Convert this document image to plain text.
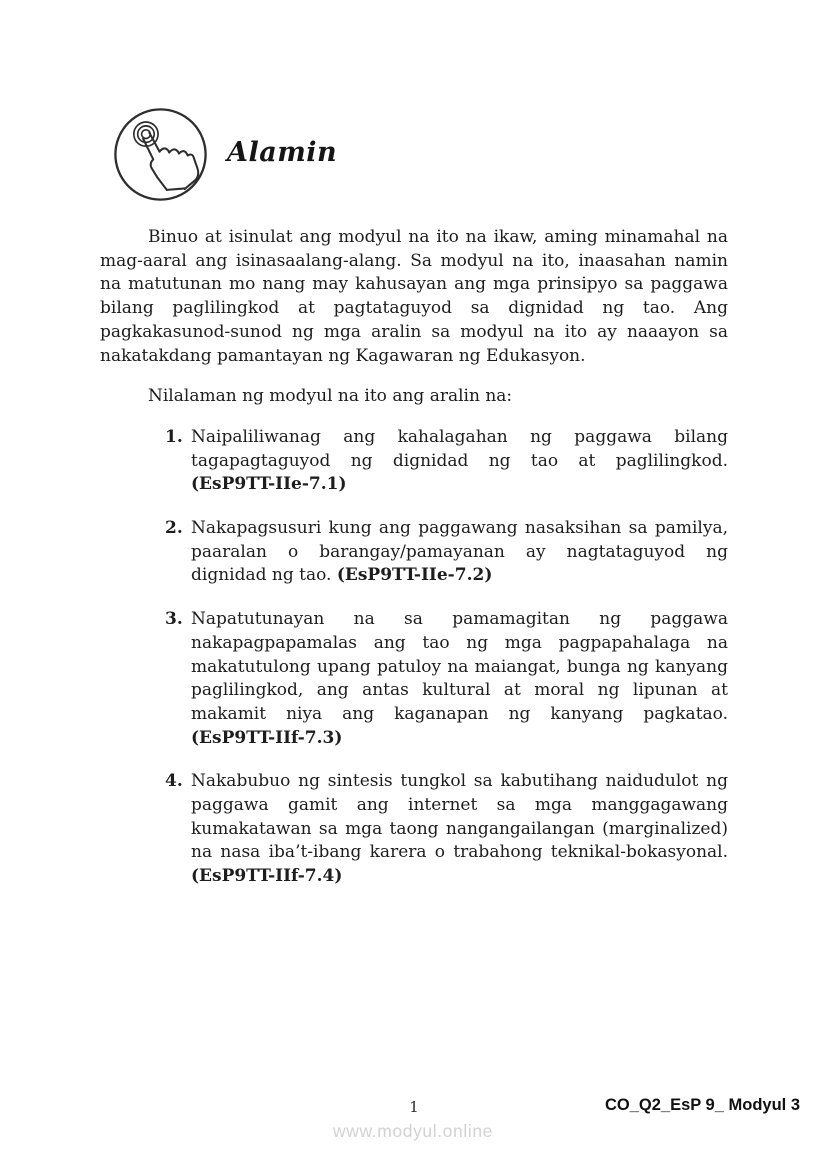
Alamin

Binuo at isinulat ang modyul na ito na ikaw, aming minamahal na mag-aaral ang isinasaalang-alang. Sa modyul na ito, inaasahan namin na matutunan mo nang may kahusayan ang mga prinsipyo sa paggawa bilang paglilingkod at pagtataguyod sa dignidad ng tao. Ang pagkakasunod-sunod ng mga aralin sa modyul na ito ay naaayon sa nakatakdang pamantayan ng Kagawaran ng Edukasyon.

Nilalaman ng modyul na ito ang aralin na:

1. Naipaliliwanag ang kahalagahan ng paggawa bilang tagapagtaguyod ng dignidad ng tao at paglilingkod. (EsP9TT-IIe-7.1)
2. Nakapagsusuri kung ang paggawang nasaksihan sa pamilya, paaralan o barangay/pamayanan ay nagtataguyod ng dignidad ng tao. (EsP9TT-IIe-7.2)
3. Napatutunayan na sa pamamagitan ng paggawa nakapagpapamalas ang tao ng mga pagpapahalaga na makatutulong upang patuloy na maiangat, bunga ng kanyang paglilingkod, ang antas kultural at moral ng lipunan at makamit niya ang kaganapan ng kanyang pagkatao. (EsP9TT-IIf-7.3)
4. Nakabubuo ng sintesis tungkol sa kabutihang naidudulot ng paggawa gamit ang internet sa mga manggagawang kumakatawan sa mga taong nangangailangan (marginalized) na nasa iba’t-ibang karera o trabahong teknikal-bokasyonal. (EsP9TT-IIf-7.4)
1	CO_Q2_EsP 9_ Modyul 3
www.modyul.online
